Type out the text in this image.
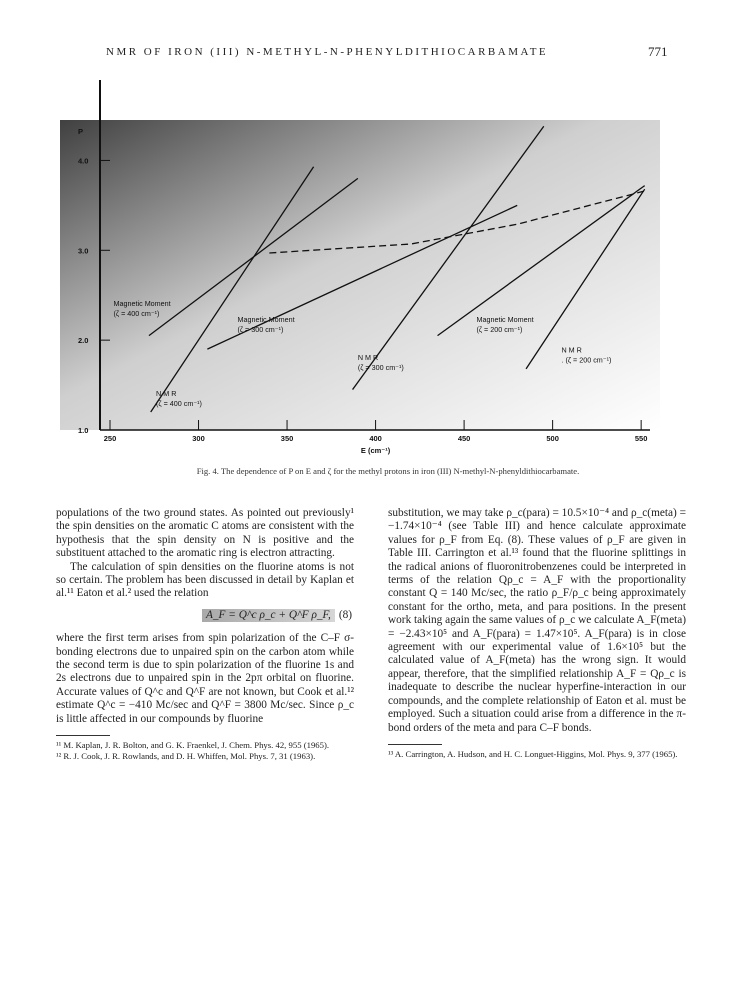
NMR OF IRON (III) N-METHYL-N-PHENYLDITHIOCARBAMATE	771
250	300	350	400	450	500	550
1.0
2.0
3.0
4.0
E (cm⁻¹)
P
Magnetic Moment (ζ = 400 cm⁻¹)
Magnetic Moment (ζ = 300 cm⁻¹)
Magnetic Moment (ζ = 200 cm⁻¹)
N M R (ζ = 400 cm⁻¹)
N M R (ζ = 300 cm⁻¹)
N M R . (ζ = 200 cm⁻¹)
Fig. 4. The dependence of P on E and ζ for the methyl protons in iron (III) N-methyl-N-phenyldithiocarbamate.

populations of the two ground states. As pointed out previously¹ the spin densities on the aromatic C atoms are consistent with the hypothesis that the spin density on N is positive and the substituent attached to the aromatic ring is electron attracting.

The calculation of spin densities on the fluorine atoms is not so certain. The problem has been discussed in detail by Kaplan et al.¹¹ Eaton et al.² used the relation

A_F = Q^c ρ_c + Q^F ρ_F, (8)

where the first term arises from spin polarization of the C–F σ-bonding electrons due to unpaired spin on the carbon atom while the second term is due to spin polarization of the fluorine 1s and 2s electrons due to unpaired spin in the 2pπ orbital on fluorine. Accurate values of Q^c and Q^F are not known, but Cook et al.¹² estimate Q^c = −410 Mc/sec and Q^F = 3800 Mc/sec. Since ρ_c is little affected in our compounds by fluorine

¹¹ M. Kaplan, J. R. Bolton, and G. K. Fraenkel, J. Chem. Phys. 42, 955 (1965).

¹² R. J. Cook, J. R. Rowlands, and D. H. Whiffen, Mol. Phys. 7, 31 (1963).

substitution, we may take ρ_c(para) = 10.5×10⁻⁴ and ρ_c(meta) = −1.74×10⁻⁴ (see Table III) and hence calculate approximate values for ρ_F from Eq. (8). These values of ρ_F are given in Table III. Carrington et al.¹³ found that the fluorine splittings in the radical anions of fluoronitrobenzenes could be interpreted in terms of the relation Qρ_c = A_F with the proportionality constant Q = 140 Mc/sec, the ratio ρ_F/ρ_c being approximately constant for the ortho, meta, and para positions. In the present work taking again the same values of ρ_c we calculate A_F(meta) = −2.43×10⁵ and A_F(para) = 1.47×10⁵. A_F(para) is in close agreement with our experimental value of 1.6×10⁵ but the calculated value of A_F(meta) has the wrong sign. It would appear, therefore, that the simplified relationship A_F = Qρ_c is inadequate to describe the nuclear hyperfine-interaction in our compounds, and the complete relationship of Eaton et al. must be employed. Such a situation could arise from a difference in the π-bond orders of the meta and para C–F bonds.

¹³ A. Carrington, A. Hudson, and H. C. Longuet-Higgins, Mol. Phys. 9, 377 (1965).
